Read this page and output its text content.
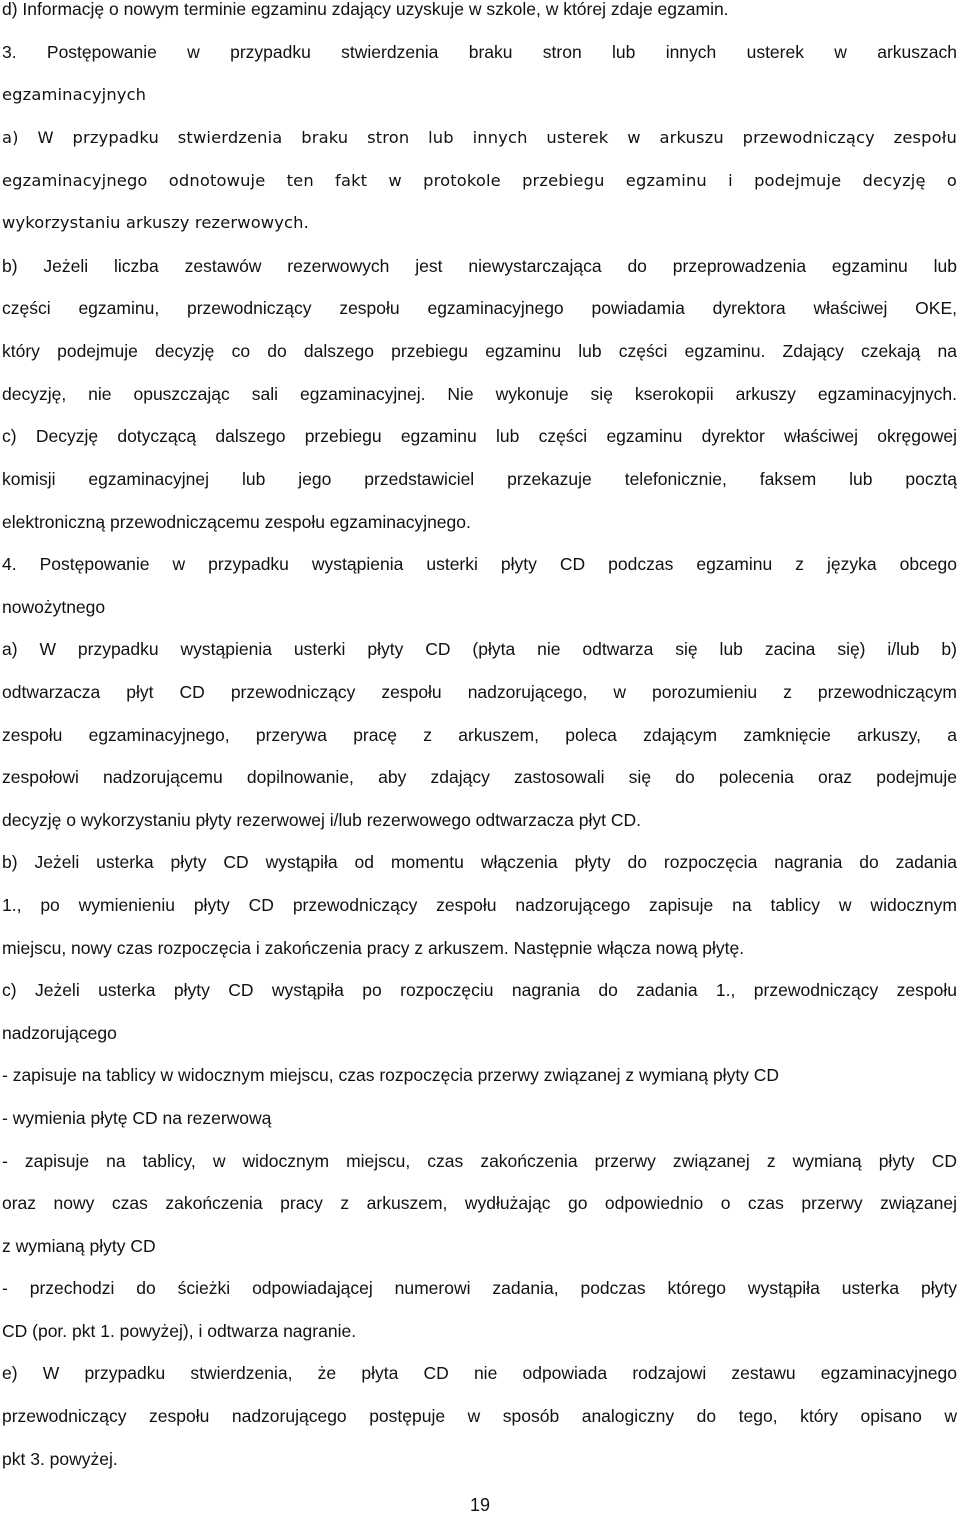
d) Informację o nowym terminie egzaminu zdający uzyskuje w szkole, w której zdaje egzamin.
3. Postępowanie w przypadku stwierdzenia braku stron lub innych usterek w arkuszach
egzaminacyjnych
a) W przypadku stwierdzenia braku stron lub innych usterek w arkuszu przewodniczący zespołu
egzaminacyjnego odnotowuje ten fakt w protokole przebiegu egzaminu i podejmuje decyzję o
wykorzystaniu arkuszy rezerwowych.
b) Jeżeli liczba zestawów rezerwowych jest niewystarczająca do przeprowadzenia egzaminu lub
części egzaminu, przewodniczący zespołu egzaminacyjnego powiadamia dyrektora właściwej OKE,
który podejmuje decyzję co do dalszego przebiegu egzaminu lub części egzaminu. Zdający czekają na
decyzję, nie opuszczając sali egzaminacyjnej. Nie wykonuje się kserokopii arkuszy egzaminacyjnych.
c) Decyzję dotyczącą dalszego przebiegu egzaminu lub części egzaminu dyrektor właściwej okręgowej
komisji egzaminacyjnej lub jego przedstawiciel przekazuje telefonicznie, faksem lub pocztą
elektroniczną przewodniczącemu zespołu egzaminacyjnego.
4. Postępowanie w przypadku wystąpienia usterki płyty CD podczas egzaminu z języka obcego
nowożytnego
a) W przypadku wystąpienia usterki płyty CD (płyta nie odtwarza się lub zacina się) i/lub b)
odtwarzacza płyt CD przewodniczący zespołu nadzorującego, w porozumieniu z przewodniczącym
zespołu egzaminacyjnego, przerywa pracę z arkuszem, poleca zdającym zamknięcie arkuszy, a
zespołowi nadzorującemu dopilnowanie, aby zdający zastosowali się do polecenia oraz podejmuje
decyzję o wykorzystaniu płyty rezerwowej i/lub rezerwowego odtwarzacza płyt CD.
b) Jeżeli usterka płyty CD wystąpiła od momentu włączenia płyty do rozpoczęcia nagrania do zadania
1., po wymienieniu płyty CD przewodniczący zespołu nadzorującego zapisuje na tablicy w widocznym
miejscu, nowy czas rozpoczęcia i zakończenia pracy z arkuszem. Następnie włącza nową płytę.
c) Jeżeli usterka płyty CD wystąpiła po rozpoczęciu nagrania do zadania 1., przewodniczący zespołu
nadzorującego
- zapisuje na tablicy w widocznym miejscu, czas rozpoczęcia przerwy związanej z wymianą płyty CD
- wymienia płytę CD na rezerwową
- zapisuje na tablicy, w widocznym miejscu, czas zakończenia przerwy związanej z wymianą płyty CD
oraz nowy czas zakończenia pracy z arkuszem, wydłużając go odpowiednio o czas przerwy związanej
z wymianą płyty CD
- przechodzi do ścieżki odpowiadającej numerowi zadania, podczas którego wystąpiła usterka płyty
CD (por. pkt 1. powyżej), i odtwarza nagranie.
e) W przypadku stwierdzenia, że płyta CD nie odpowiada rodzajowi zestawu egzaminacyjnego
przewodniczący zespołu nadzorującego postępuje w sposób analogiczny do tego, który opisano w
pkt 3. powyżej.
19
